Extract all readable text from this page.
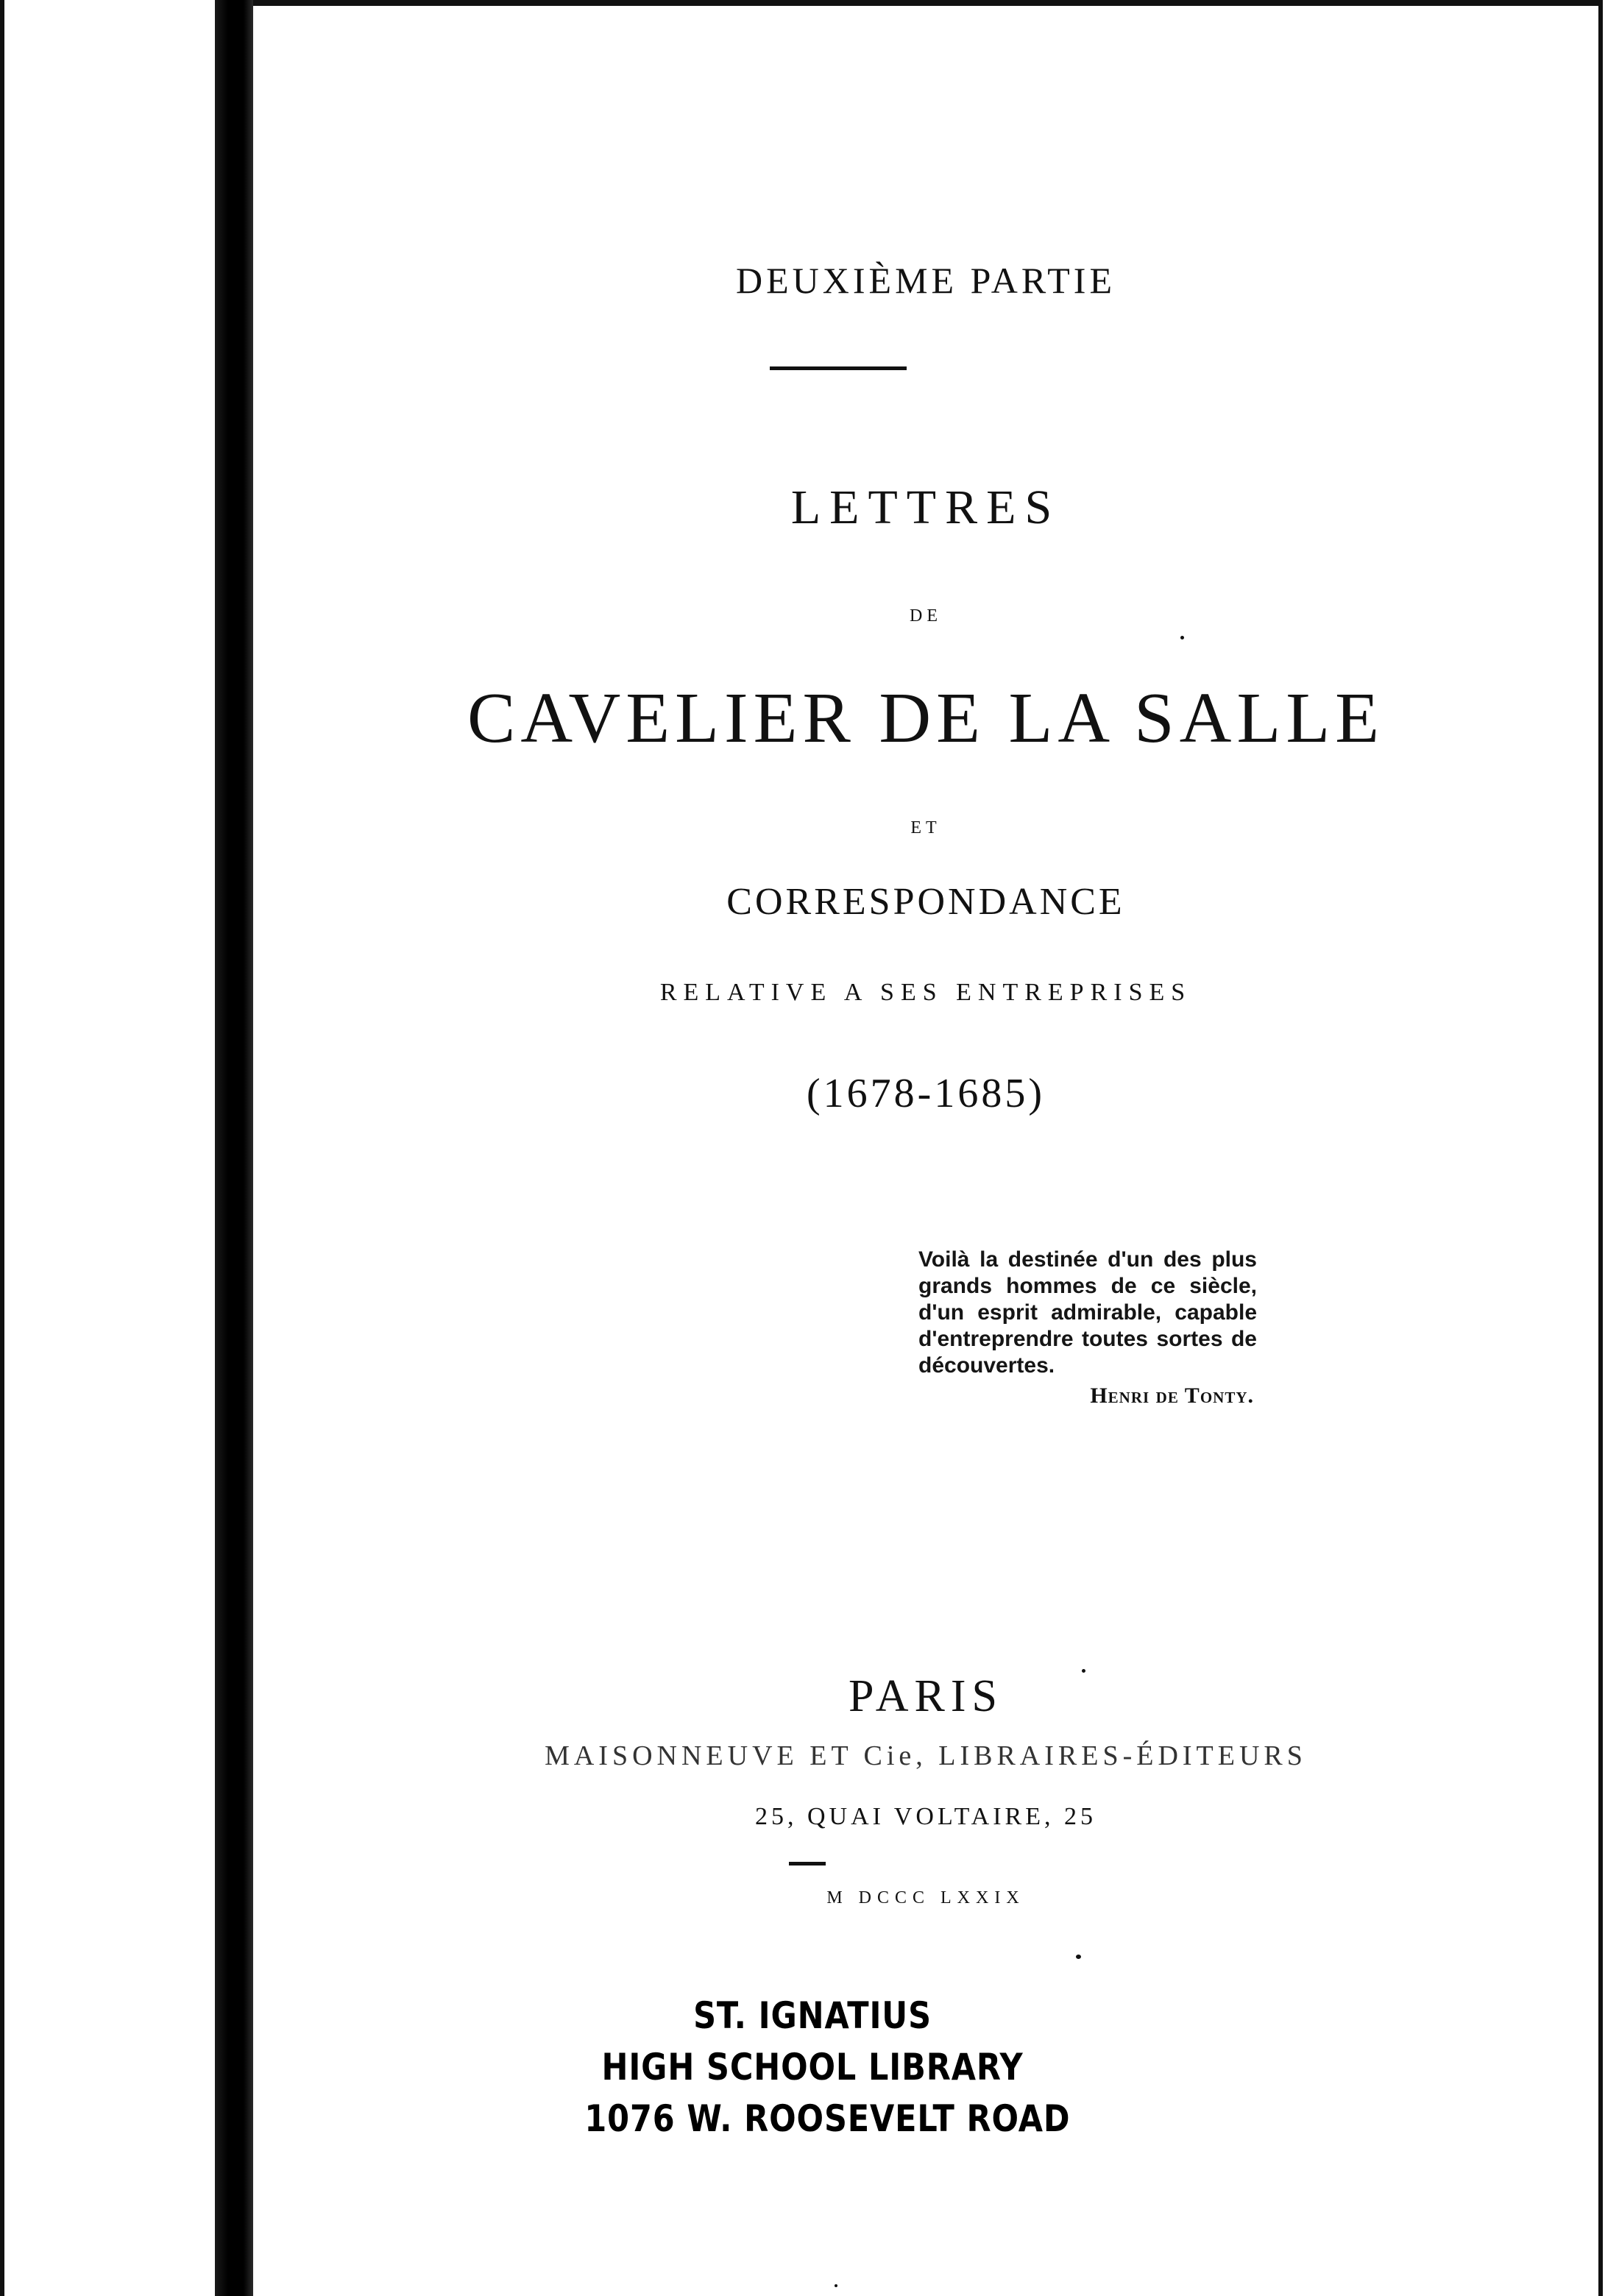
DEUXIÈME PARTIE
LETTRES
DE
CAVELIER DE LA SALLE
ET
CORRESPONDANCE
RELATIVE A SES ENTREPRISES
(1678-1685)
Voilà la destinée d'un des plus grands hommes de ce siècle, d'un esprit admirable, capable d'entreprendre toutes sortes de découvertes.
Henri de Tonty.
PARIS
MAISONNEUVE ET Cie, LIBRAIRES-ÉDITEURS
25, QUAI VOLTAIRE, 25
M DCCC LXXIX
ST. IGNATIUS
HIGH SCHOOL LIBRARY
1076 W. ROOSEVELT ROAD
